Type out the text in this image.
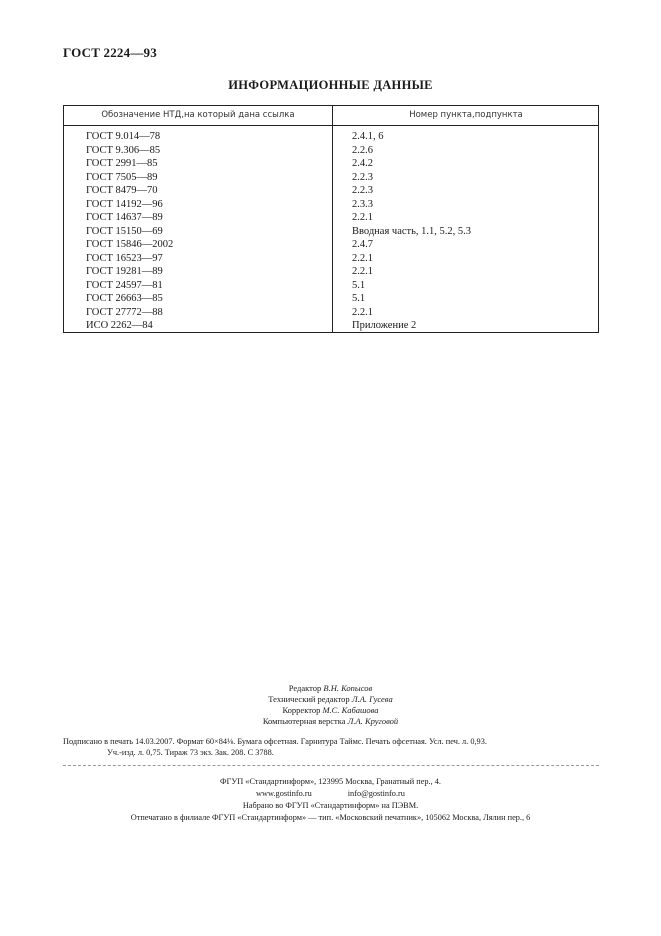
ГОСТ 2224—93
ИНФОРМАЦИОННЫЕ ДАННЫЕ
Обозначение НТД,на который дана ссылка	Номер пункта,подпункта
ГОСТ 9.014—78	2.4.1, 6
ГОСТ 9.306—85	2.2.6
ГОСТ 2991—85	2.4.2
ГОСТ 7505—89	2.2.3
ГОСТ 8479—70	2.2.3
ГОСТ 14192—96	2.3.3
ГОСТ 14637—89	2.2.1
ГОСТ 15150—69	Вводная часть, 1.1, 5.2, 5.3
ГОСТ 15846—2002	2.4.7
ГОСТ 16523—97	2.2.1
ГОСТ 19281—89	2.2.1
ГОСТ 24597—81	5.1
ГОСТ 26663—85	5.1
ГОСТ 27772—88	2.2.1
ИСО 2262—84	Приложение 2
Редактор В.Н. Копысов
Технический редактор Л.А. Гусева
Корректор М.С. Кабашова
Компьютерная верстка Л.А. Круговой
Подписано в печать 14.03.2007. Формат 60×84⅛. Бумага офсетная. Гарнитура Таймс. Печать офсетная. Усл. печ. л. 0,93.
Уч.-изд. л. 0,75. Тираж 73 экз. Зак. 208. С 3788.
ФГУП «Стандартинформ», 123995 Москва, Гранатный пер., 4.
www.gostinfo.ru	info@gostinfo.ru
Набрано во ФГУП «Стандартинформ» на ПЭВМ.
Отпечатано в филиале ФГУП «Стандартинформ» — тип. «Московский печатник», 105062 Москва, Лялин пер., 6
